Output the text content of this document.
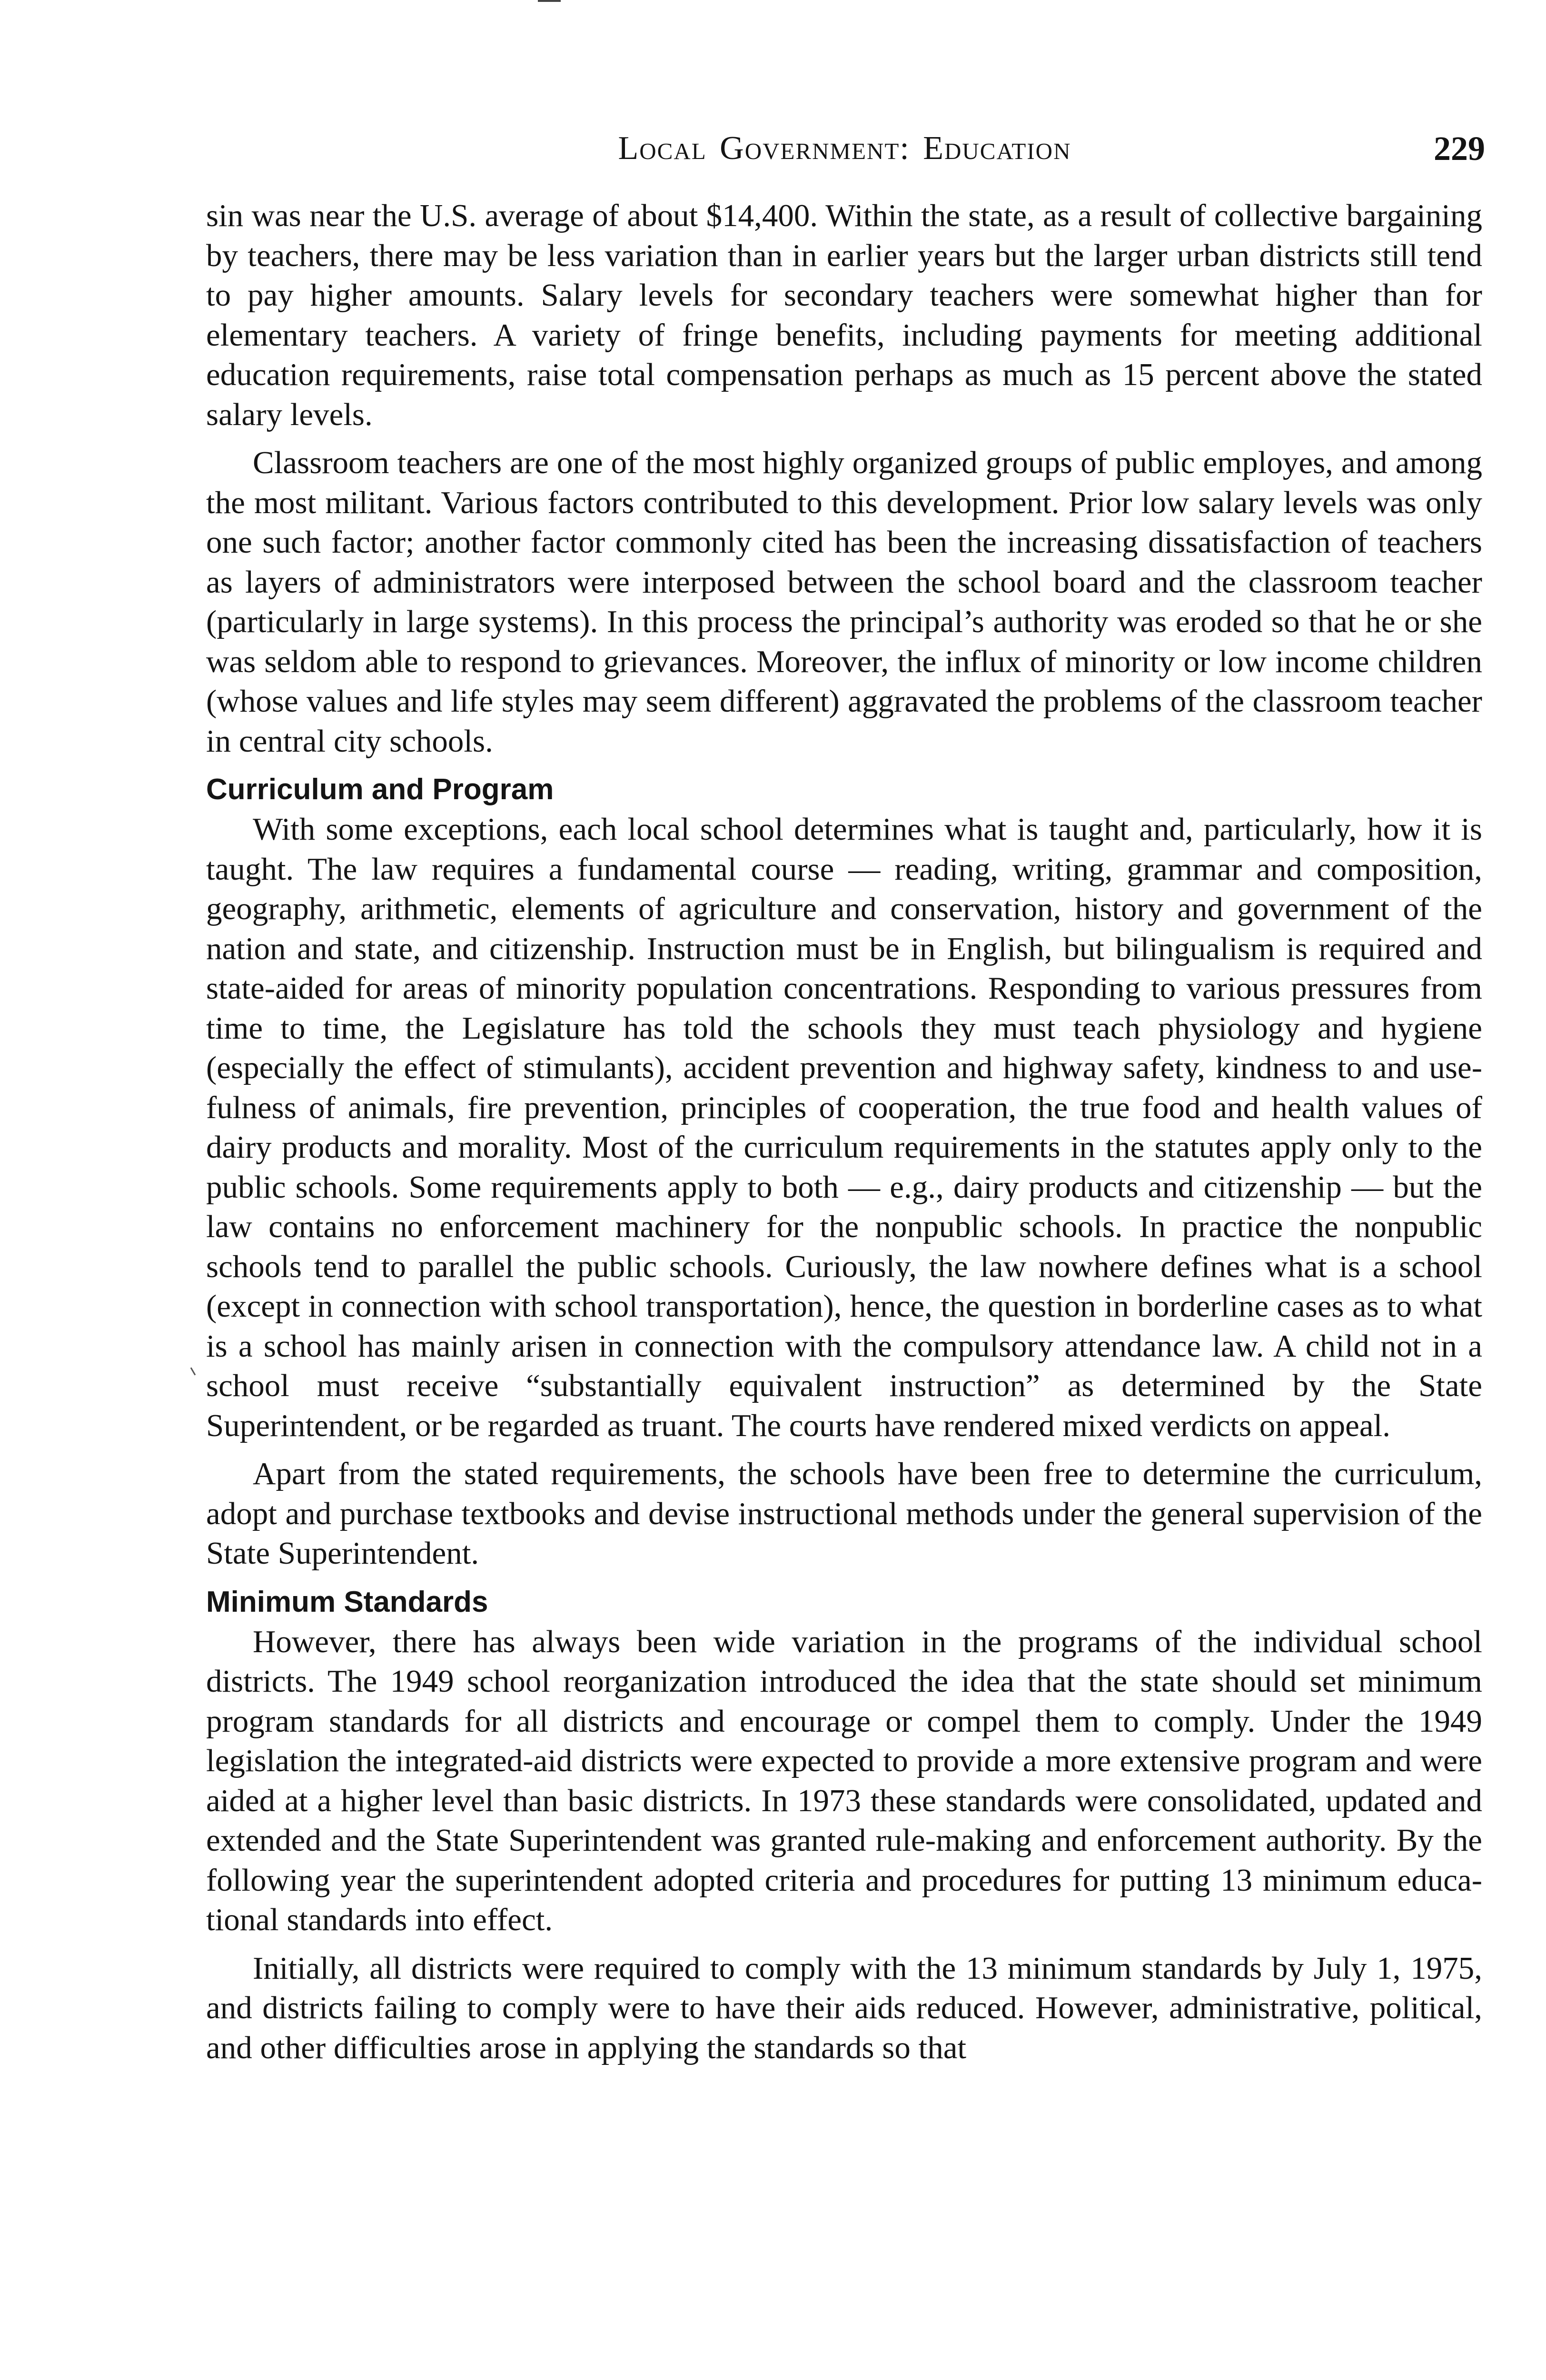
Local Government: Education	229

sin was near the U.S. average of about $14,400. Within the state, as a result of collective bargaining by teachers, there may be less variation than in earlier years but the larger urban districts still tend to pay higher amounts. Salary levels for secondary teachers were somewhat higher than for elementary teachers. A variety of fringe benefits, including payments for meeting additional education requirements, raise total compensation perhaps as much as 15 percent above the stated salary levels.

Classroom teachers are one of the most highly organized groups of public employes, and among the most militant. Various factors contributed to this development. Prior low salary levels was only one such factor; another factor commonly cited has been the increasing dissatisfaction of teachers as layers of administrators were interposed between the school board and the classroom teacher (particularly in large systems). In this process the principal’s authority was eroded so that he or she was seldom able to respond to grievances. Moreover, the influx of minority or low income children (whose values and life styles may seem different) aggravated the problems of the classroom teacher in central city schools.

Curriculum and Program

With some exceptions, each local school determines what is taught and, particularly, how it is taught. The law requires a fundamental course — reading, writing, grammar and composition, geography, arithmetic, elements of agriculture and conservation, history and government of the nation and state, and citizenship. Instruction must be in English, but bilingualism is required and state-aided for areas of minority population concentrations. Responding to various pressures from time to time, the Legislature has told the schools they must teach physiology and hygiene (especially the effect of stimulants), accident prevention and highway safety, kindness to and usefulness of animals, fire prevention, principles of cooperation, the true food and health values of dairy products and morality. Most of the curriculum requirements in the statutes apply only to the public schools. Some requirements apply to both — e.g., dairy products and citizenship — but the law contains no enforcement machinery for the nonpublic schools. In practice the nonpublic schools tend to parallel the public schools. Curiously, the law nowhere defines what is a school (except in connection with school transportation), hence, the question in borderline cases as to what is a school has mainly arisen in connection with the compulsory attendance law. A child not in a school must receive “substantially equivalent instruction” as determined by the State Superintendent, or be regarded as truant. The courts have rendered mixed verdicts on appeal.

Apart from the stated requirements, the schools have been free to determine the curriculum, adopt and purchase textbooks and devise instructional methods under the general supervision of the State Superintendent.

Minimum Standards

However, there has always been wide variation in the programs of the individual school districts. The 1949 school reorganization introduced the idea that the state should set minimum program standards for all districts and encourage or compel them to comply. Under the 1949 legislation the integrated-aid districts were expected to provide a more extensive program and were aided at a higher level than basic districts. In 1973 these standards were consolidated, updated and extended and the State Superintendent was granted rule-making and enforcement authority. By the following year the superintendent adopted criteria and procedures for putting 13 minimum educational standards into effect.

Initially, all districts were required to comply with the 13 minimum standards by July 1, 1975, and districts failing to comply were to have their aids reduced. However, administrative, political, and other difficulties arose in applying the standards so that
